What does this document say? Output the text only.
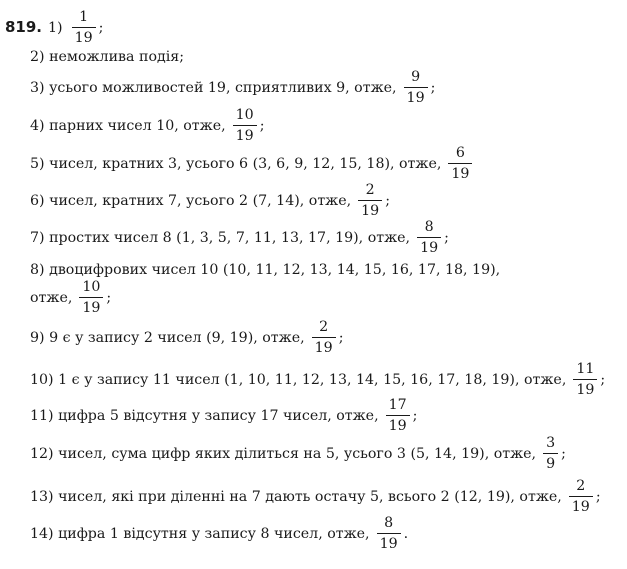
819. $1) \frac{1}{19}$ ;
2)
неможлива подія;
3)
усього можливостей 19, сприятливих 9, отже, $\frac{9}{19}$ ;
4)
парних чисел 10, отже, $\frac{10}{19}$ ;
5)
чисел, кратних 3, усього 6 (3, 6, 9, 12, 15, 18), отже, $\frac{6}{19}$
6)
чисел, кратних 7, усього 2 (7, 14), отже, $\frac{2}{19}$ ;
7)
простих чисел 8 (1, 3, 5, 7, 11, 13, 17, 19), отже, $\frac{8}{19}$ ;
8)
двоцифрових чисел 10 (10, 11, 12, 13, 14, 15, 16, 17, 18, 19),
отже, $\frac{10}{19}$ ;
9)
9 є у запису 2 чисел (9, 19), отже, $\frac{2}{19}$ ;
10)
1 є у запису 11 чисел (1, 10, 11, 12, 13, 14, 15, 16, 17, 18, 19), отже, $\frac{11}{19}$ ;
11)
цифра 5 відсутня у запису 17 чисел, отже, $\frac{17}{19}$ ;
12)
чисел, сума цифр яких ділиться на 5, усього 3 (5, 14, 19), отже, $\frac{3}{9}$ ;
13)
чисел, які при діленні на 7 дають остачу 5, всього 2 (12, 19), отже, $\frac{2}{19}$ ;
14)
цифра 1 відсутня у запису 8 чисел, отже, $\frac{8}{19}$ .
